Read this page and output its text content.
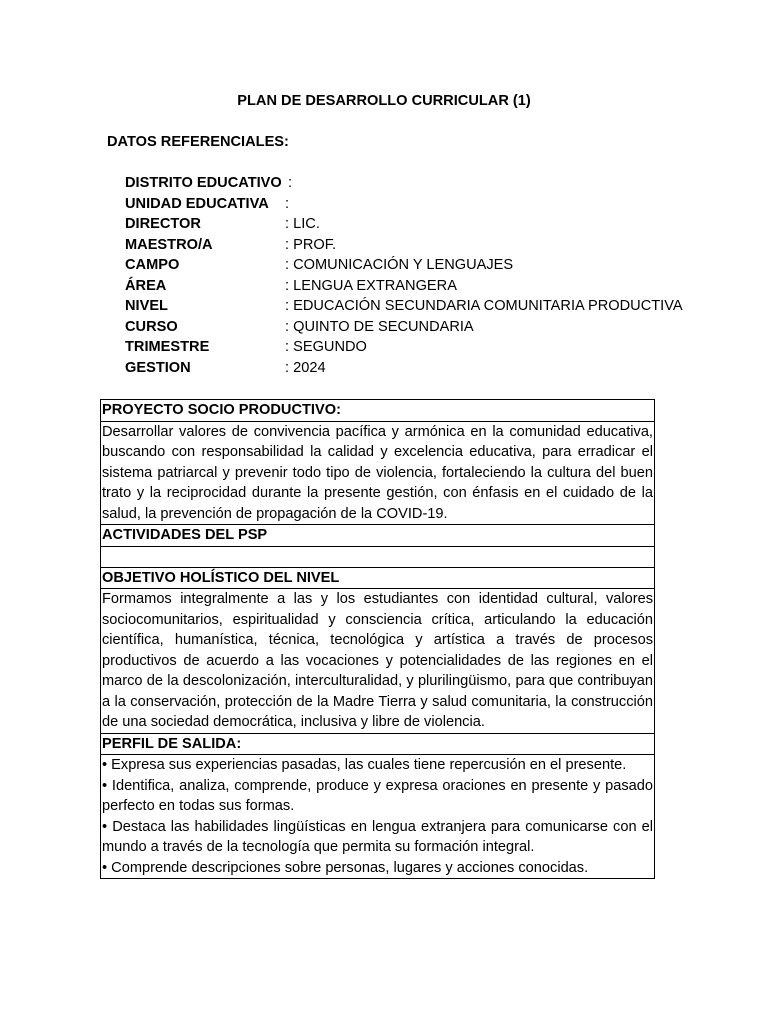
PLAN DE DESARROLLO CURRICULAR (1)
DATOS REFERENCIALES:
DISTRITO EDUCATIVO :
UNIDAD EDUCATIVA :
DIRECTOR	: LIC.
MAESTRO/A	: PROF.
CAMPO	: COMUNICACIÓN Y LENGUAJES
ÁREA	: LENGUA EXTRANGERA
NIVEL	: EDUCACIÓN SECUNDARIA COMUNITARIA PRODUCTIVA
CURSO	: QUINTO DE SECUNDARIA
TRIMESTRE	: SEGUNDO
GESTION	: 2024
PROYECTO SOCIO PRODUCTIVO:
Desarrollar valores de convivencia pacífica y armónica en la comunidad educativa, buscando con responsabilidad la calidad y excelencia educativa, para erradicar el sistema patriarcal y prevenir todo tipo de violencia, fortaleciendo la cultura del buen trato y la reciprocidad durante la presente gestión, con énfasis en el cuidado de la salud, la prevención de propagación de la COVID-19.
ACTIVIDADES DEL PSP

OBJETIVO HOLÍSTICO DEL NIVEL
Formamos integralmente a las y los estudiantes con identidad cultural, valores sociocomunitarios, espiritualidad y consciencia crítica, articulando la educación científica, humanística, técnica, tecnológica y artística a través de procesos productivos de acuerdo a las vocaciones y potencialidades de las regiones en el marco de la descolonización, interculturalidad, y plurilingüismo, para que contribuyan a la conservación, protección de la Madre Tierra y salud comunitaria, la construcción de una sociedad democrática, inclusiva y libre de violencia.
PERFIL DE SALIDA:

• Expresa sus experiencias pasadas, las cuales tiene repercusión en el presente.
• Identifica, analiza, comprende, produce y expresa oraciones en presente y pasado perfecto en todas sus formas.
• Destaca las habilidades lingüísticas en lengua extranjera para comunicarse con el mundo a través de la tecnología que permita su formación integral.
• Comprende descripciones sobre personas, lugares y acciones conocidas.
